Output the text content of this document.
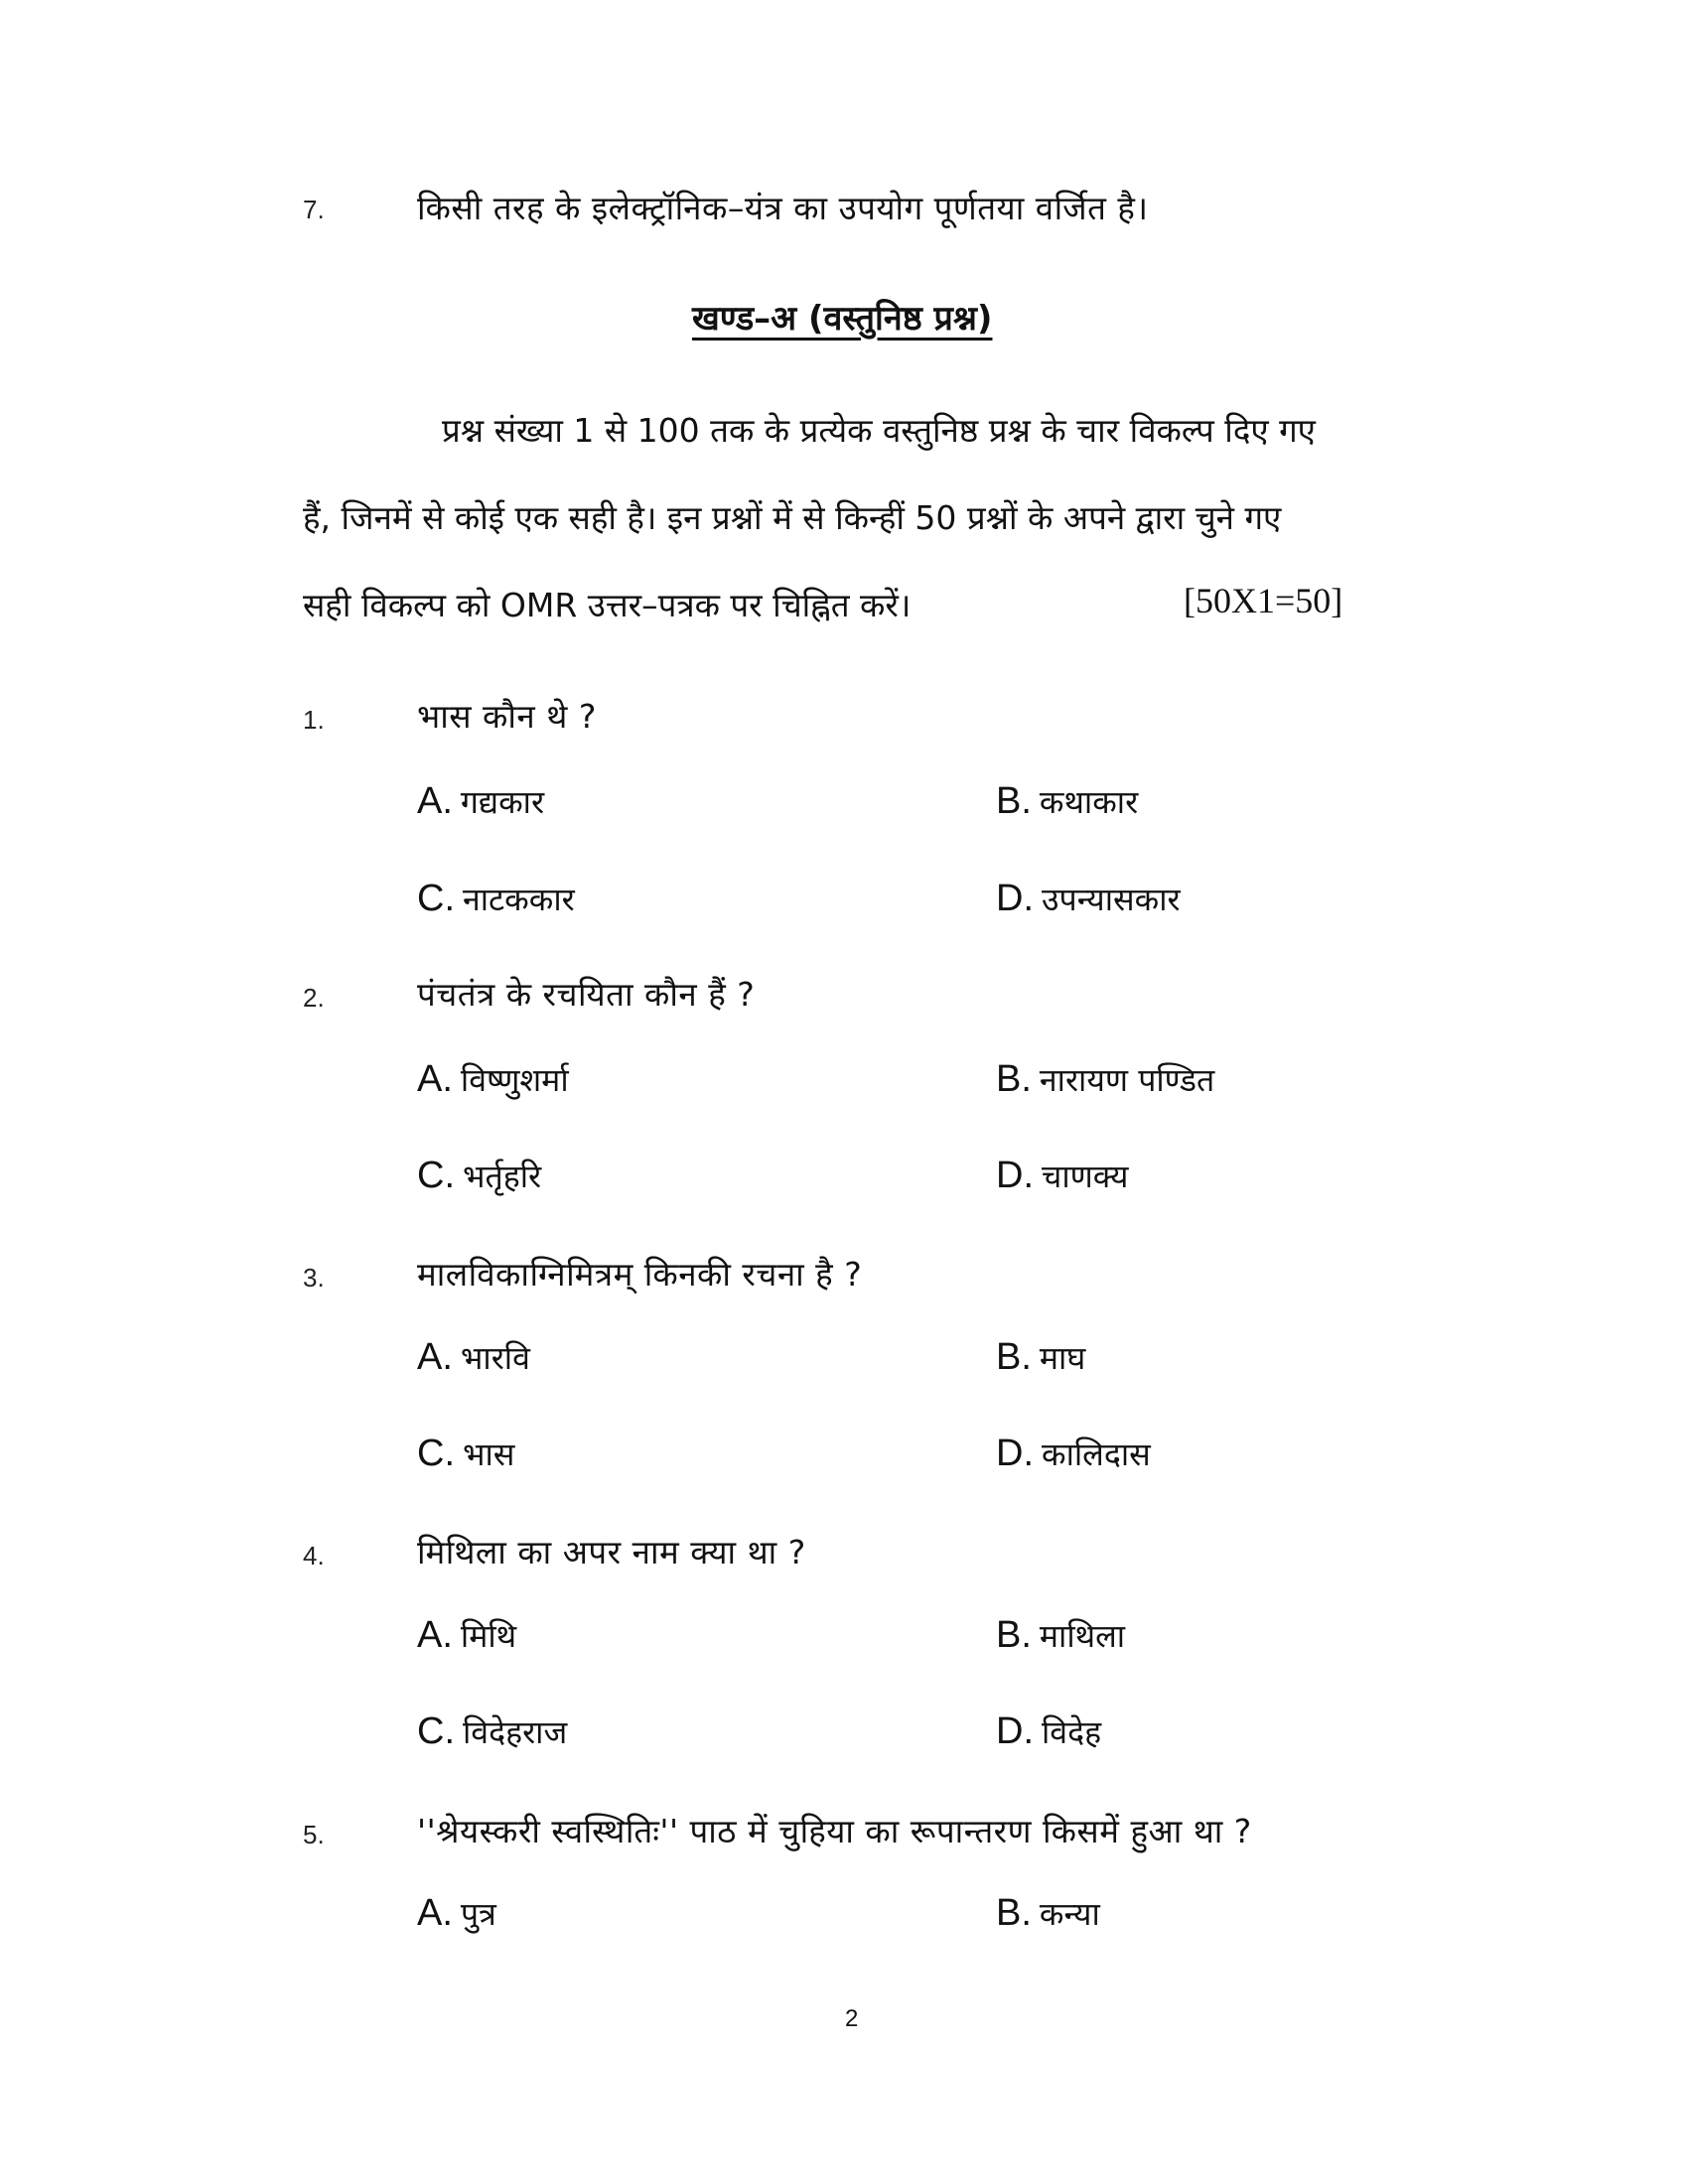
7.	किसी तरह के इलेक्ट्रॉनिक–यंत्र का उपयोग पूर्णतया वर्जित है।
खण्ड–अ (वस्तुनिष्ठ प्रश्न)
प्रश्न संख्या 1 से 100 तक के प्रत्येक वस्तुनिष्ठ प्रश्न के चार विकल्प दिए गए
हैं, जिनमें से कोई एक सही है। इन प्रश्नों में से किन्हीं 50 प्रश्नों के अपने द्वारा चुने गए
सही विकल्प को OMR उत्तर–पत्रक पर चिह्नित करें।	[50X1=50]
1.	भास कौन थे ?
A. गद्यकार	B. कथाकार
C. नाटककार	D. उपन्यासकार
2.	पंचतंत्र के रचयिता कौन हैं ?
A. विष्णुशर्मा	B. नारायण पण्डित
C. भर्तृहरि	D. चाणक्य
3.	मालविकाग्निमित्रम् किनकी रचना है ?
A. भारवि	B. माघ
C. भास	D. कालिदास
4.	मिथिला का अपर नाम क्या था ?
A. मिथि	B. माथिला
C. विदेहराज	D. विदेह
5.	''श्रेयस्करी स्वस्थितिः'' पाठ में चुहिया का रूपान्तरण किसमें हुआ था ?
A. पुत्र	B. कन्या
2
